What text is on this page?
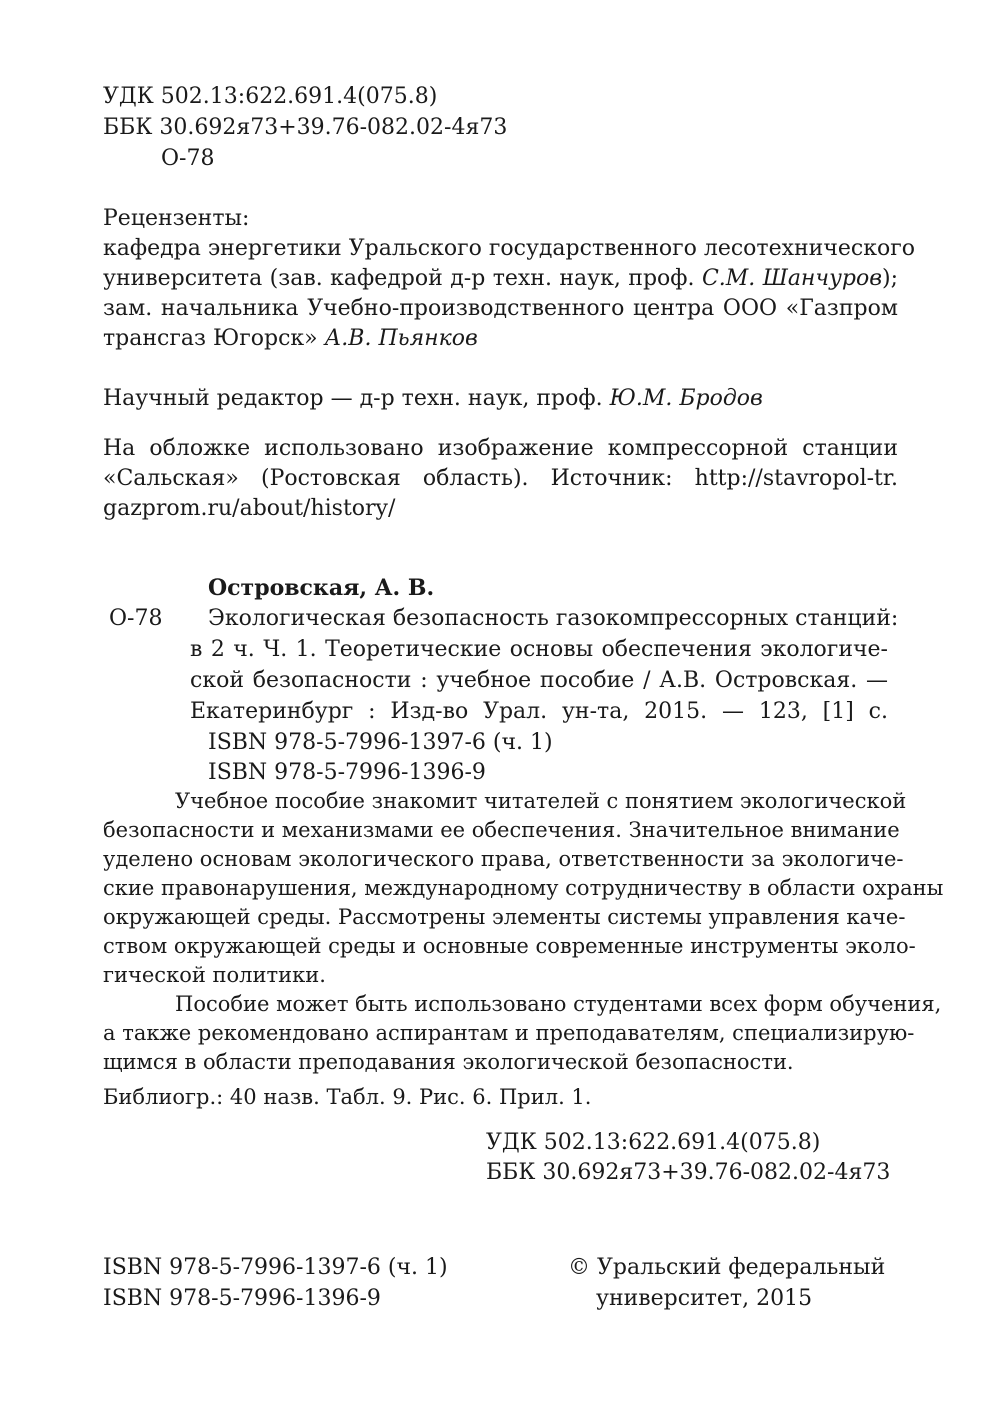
УДК 502.13:622.691.4(075.8)
ББК 30.692я73+39.76-082.02-4я73
О-78
Рецензенты:
кафедра энергетики Уральского государственного лесотехнического
университета (зав. кафедрой д-р техн. наук, проф. С.М. Шанчуров);
зам. начальника Учебно-производственного центра ООО «Газпром
трансгаз Югорск» А.В. Пьянков
Научный редактор — д-р техн. наук, проф. Ю.М. Бродов
На обложке использовано изображение компрессорной станции
«Сальская» (Ростовская область). Источник: http://stavropol-tr.
gazprom.ru/about/history/
Островская, А. В.
О-78 Экологическая безопасность газокомпрессорных станций:
в 2 ч. Ч. 1. Теоретические основы обеспечения экологиче-
ской безопасности : учебное пособие / А.В. Островская. —
Екатеринбург : Изд-во Урал. ун-та, 2015. — 123, [1] с.
ISBN 978-5-7996-1397-6 (ч. 1)
ISBN 978-5-7996-1396-9
Учебное пособие знакомит читателей с понятием экологической
безопасности и механизмами ее обеспечения. Значительное внимание
уделено основам экологического права, ответственности за экологиче-
ские правонарушения, международному сотрудничеству в области охраны
окружающей среды. Рассмотрены элементы системы управления каче-
ством окружающей среды и основные современные инструменты эколо-
гической политики.
Пособие может быть использовано студентами всех форм обучения,
а также рекомендовано аспирантам и преподавателям, специализирую-
щимся в области преподавания экологической безопасности.
Библиогр.: 40 назв. Табл. 9. Рис. 6. Прил. 1.
УДК 502.13:622.691.4(075.8)
ББК 30.692я73+39.76-082.02-4я73
ISBN 978-5-7996-1397-6 (ч. 1)
ISBN 978-5-7996-1396-9
© Уральский федеральный
университет, 2015
